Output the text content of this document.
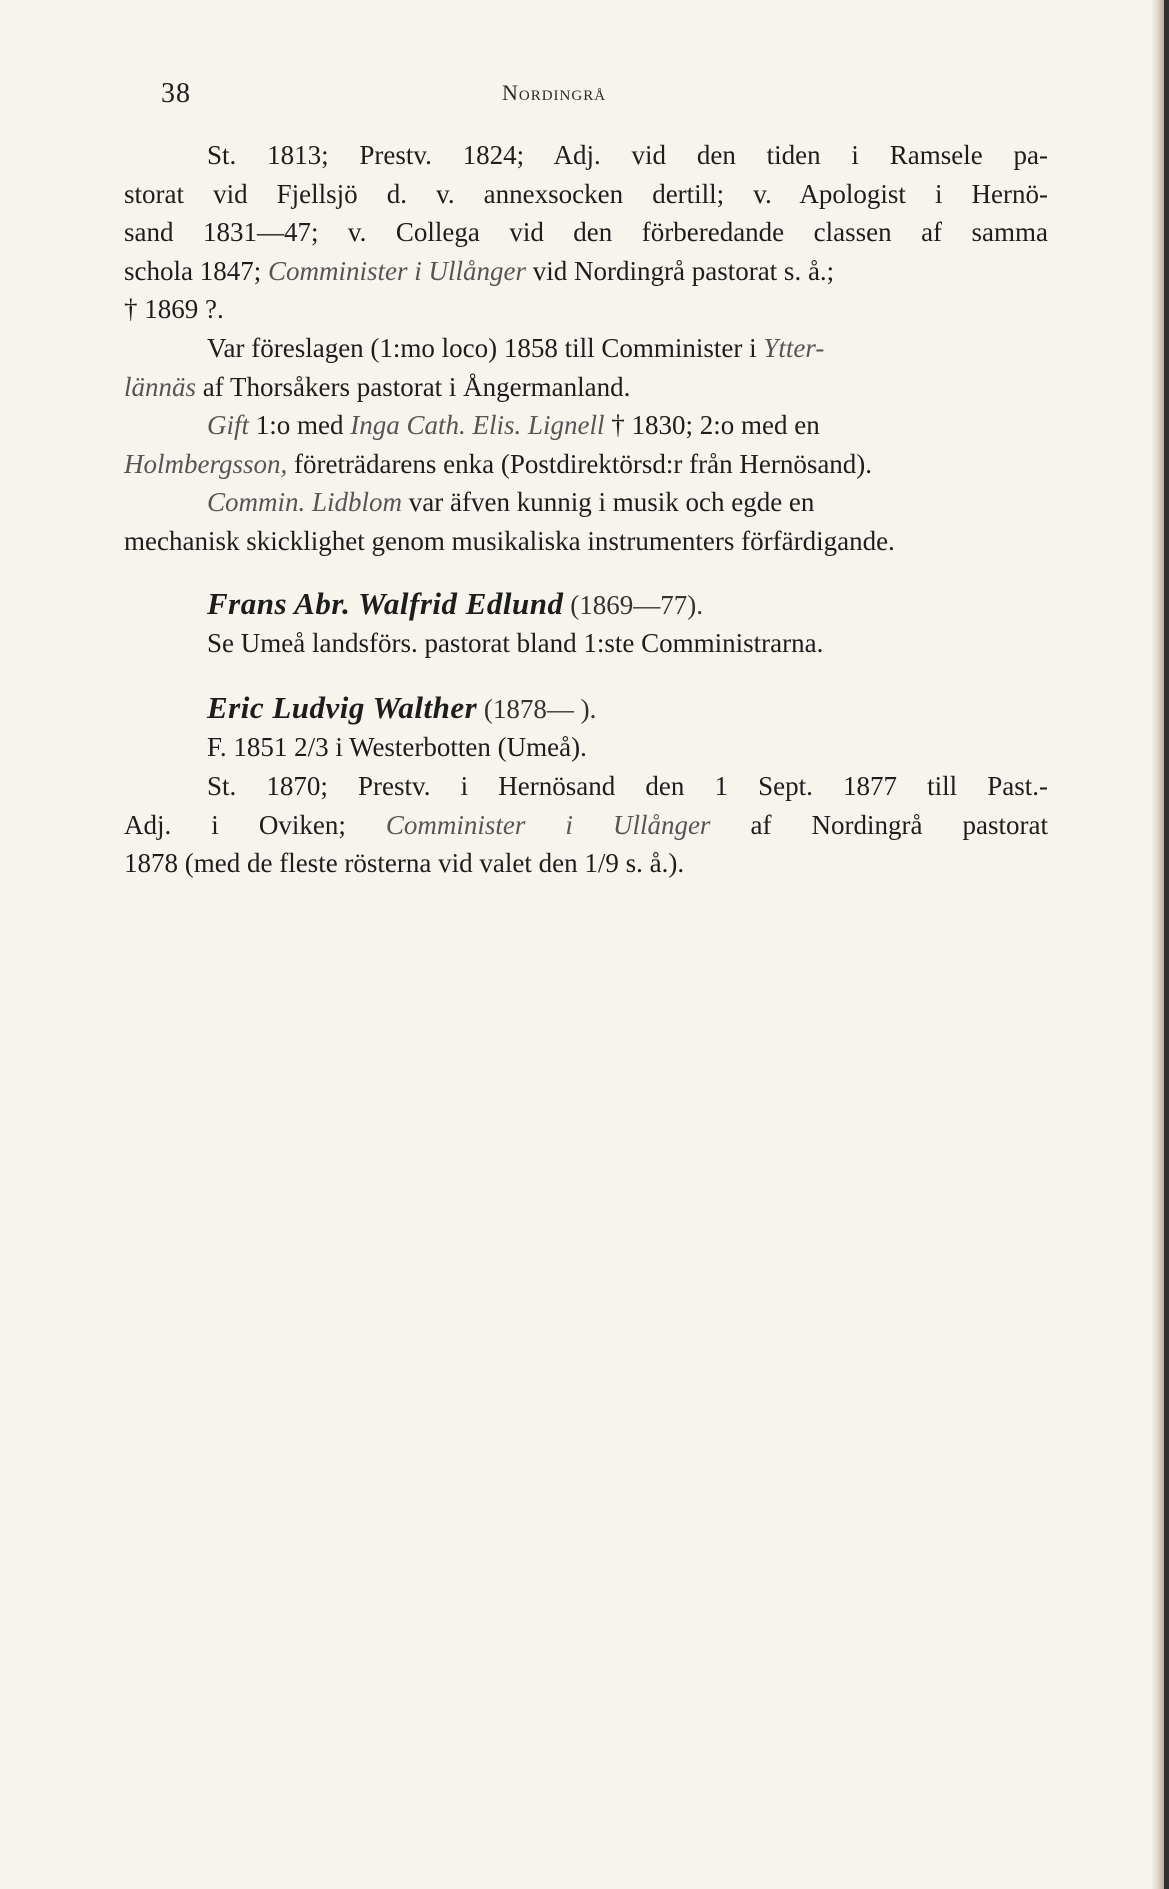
38	Nordingrå
St. 1813; Prestv. 1824; Adj. vid den tiden i Ramsele pa-
storat vid Fjellsjö d. v. annexsocken dertill; v. Apologist i Hernö-
sand 1831—47; v. Collega vid den förberedande classen af samma
schola 1847; Comminister i Ullånger vid Nordingrå pastorat s. å.;
† 1869 ?.
Var föreslagen (1:mo loco) 1858 till Comminister i Ytter-
lännäs af Thorsåkers pastorat i Ångermanland.
Gift 1:o med Inga Cath. Elis. Lignell † 1830; 2:o med en
Holmbergsson, företrädarens enka (Postdirektörsd:r från Hernösand).
Commin. Lidblom var äfven kunnig i musik och egde en
mechanisk skicklighet genom musikaliska instrumenters förfärdigande.
Frans Abr. Walfrid Edlund (1869—77).
Se Umeå landsförs. pastorat bland 1:ste Comministrarna.
Eric Ludvig Walther (1878— ).
F. 1851 2/3 i Westerbotten (Umeå).
St. 1870; Prestv. i Hernösand den 1 Sept. 1877 till Past.-
Adj. i Oviken; Comminister i Ullånger af Nordingrå pastorat
1878 (med de fleste rösterna vid valet den 1/9 s. å.).
